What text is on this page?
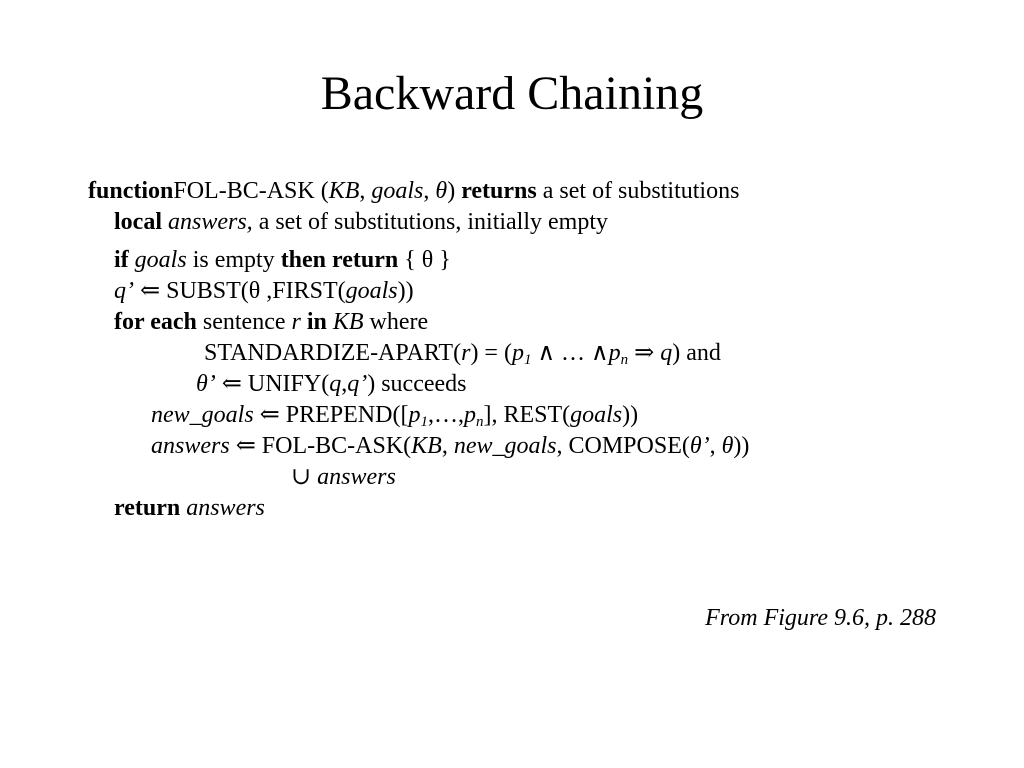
Backward Chaining
functionFOL-BC-ASK (KB, goals, θ) returns a set of substitutions
local answers, a set of substitutions, initially empty
if goals is empty then return { θ }
q’ ⇐ SUBST(θ ,FIRST(goals))
for each sentence r in KB where
STANDARDIZE-APART(r) = ($p_1$ ∧ … $\wedge p_n$ ⇒ q) and
θ’ ⇐ UNIFY(q,q’) succeeds
new_goals ⇐ $PREPEND([p_1,\dots,p_n]$, REST(goals))
answers ⇐ FOL-BC-ASK(KB, new_goals, COMPOSE(θ’, θ))
∪ answers
return answers
From Figure 9.6, p. 288
